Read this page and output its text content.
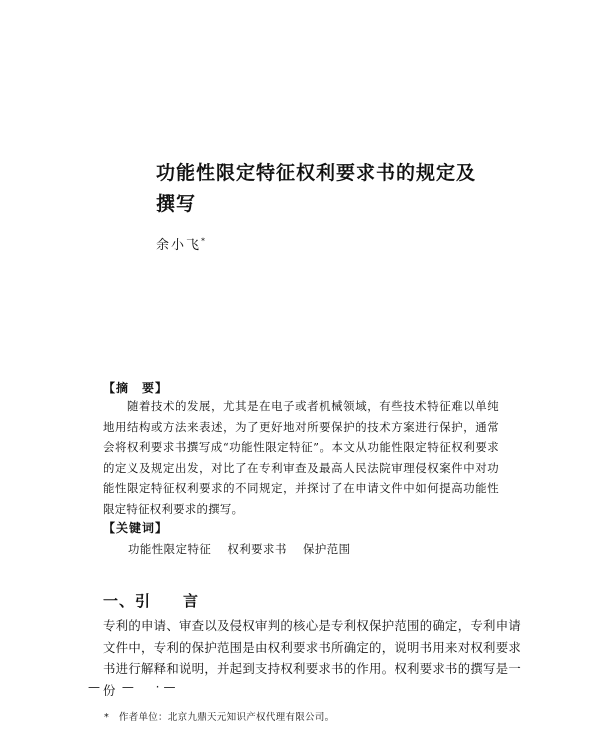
功能性限定特征权利要求书的规定及撰写
余小飞*
【摘　要】
随着技术的发展，尤其是在电子或者机械领域，有些技术特征难以单纯地用结构或方法来表述，为了更好地对所要保护的技术方案进行保护，通常会将权利要求书撰写成“功能性限定特征”。本文从功能性限定特征权利要求的定义及规定出发，对比了在专利审查及最高人民法院审理侵权案件中对功能性限定特征权利要求的不同规定，并探讨了在申请文件中如何提高功能性限定特征权利要求的撰写。
【关键词】
功能性限定特征 权利要求书 保护范围
一、引　　言
专利的申请、审查以及侵权审判的核心是专利权保护范围的确定，专利申请文件中，专利的保护范围是由权利要求书所确定的，说明书用来对权利要求书进行解释和说明，并起到支持权利要求书的作用。权利要求书的撰写是一份
— — ·—
*　作者单位：北京九鼎天元知识产权代理有限公司。
